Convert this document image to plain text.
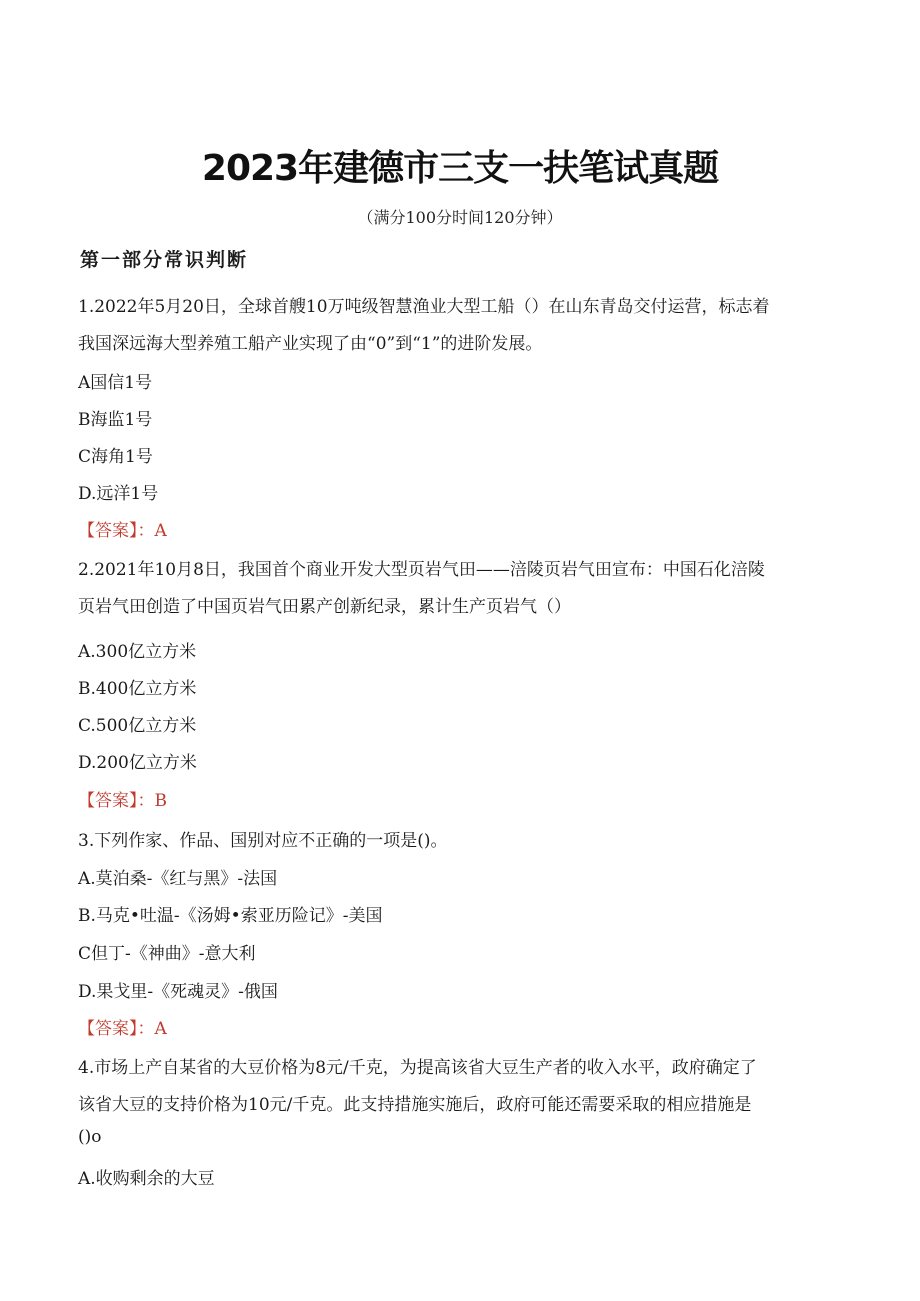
2023年建德市三支一扶笔试真题
（满分100分时间120分钟）
第一部分常识判断
1.2022年5月20日，全球首艘10万吨级智慧渔业大型工船（）在山东青岛交付运营，标志着
我国深远海大型养殖工船产业实现了由“0”到“1”的进阶发展。
A国信1号
B海监1号
C海角1号
D.远洋1号
【答案】：A
2.2021年10月8日，我国首个商业开发大型页岩气田——涪陵页岩气田宣布：中国石化涪陵
页岩气田创造了中国页岩气田累产创新纪录，累计生产页岩气（）
A.300亿立方米
B.400亿立方米
C.500亿立方米
D.200亿立方米
【答案】：B
3.下列作家、作品、国别对应不正确的一项是()。
A.莫泊桑-《红与黑》-法国
B.马克•吐温-《汤姆•索亚历险记》-美国
C但丁-《神曲》-意大利
D.果戈里-《死魂灵》-俄国
【答案】：A
4.市场上产自某省的大豆价格为8元/千克，为提高该省大豆生产者的收入水平，政府确定了
该省大豆的支持价格为10元/千克。此支持措施实施后，政府可能还需要采取的相应措施是
()o
A.收购剩余的大豆
